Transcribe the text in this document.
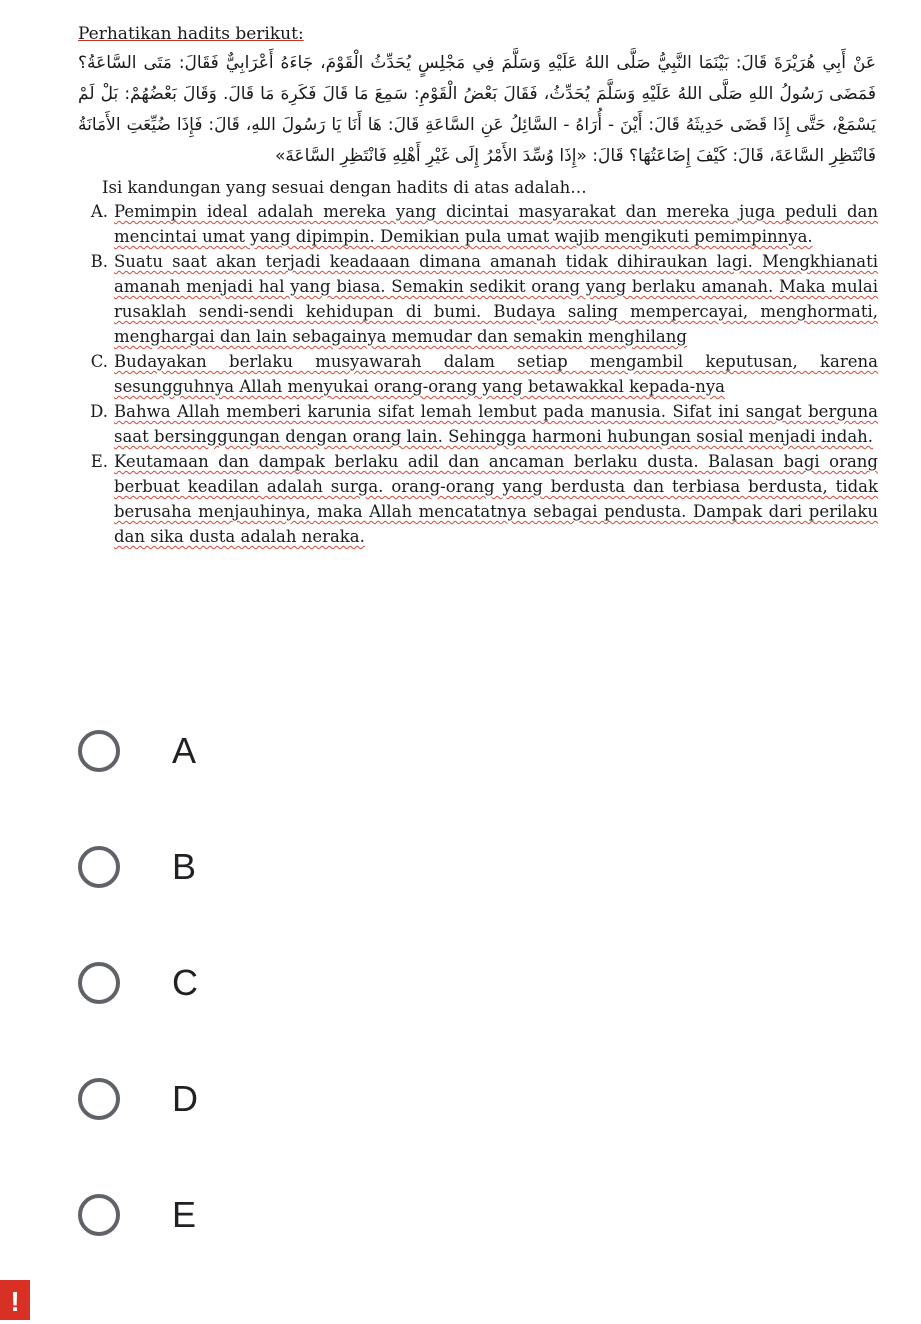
Perhatikan hadits berikut:

عَنْ أَبِي هُرَيْرَةَ قَالَ: بَيْنَمَا النَّبِيُّ صَلَّى اللهُ عَلَيْهِ وَسَلَّمَ فِي مَجْلِسٍ يُحَدِّثُ الْقَوْمَ، جَاءَهُ أَعْرَابِيٌّ فَقَالَ: مَتَى السَّاعَةُ؟ فَمَضَى رَسُولُ اللهِ صَلَّى اللهُ عَلَيْهِ وَسَلَّمَ يُحَدِّثُ، فَقَالَ بَعْضُ الْقَوْمِ: سَمِعَ مَا قَالَ فَكَرِهَ مَا قَالَ. وَقَالَ بَعْضُهُمْ: بَلْ لَمْ يَسْمَعْ، حَتَّى إِذَا قَضَى حَدِيثَهُ قَالَ: أَيْنَ - أُرَاهُ - السَّائِلُ عَنِ السَّاعَةِ قَالَ: هَا أَنَا يَا رَسُولَ اللهِ، قَالَ: فَإِذَا ضُيِّعَتِ الأَمَانَةُ فَانْتَظِرِ السَّاعَةَ، قَالَ: كَيْفَ إِضَاعَتُهَا؟ قَالَ: «إِذَا وُسِّدَ الأَمْرُ إِلَى غَيْرِ أَهْلِهِ فَانْتَظِرِ السَّاعَةَ»

Isi kandungan yang sesuai dengan hadits di atas adalah…

A. Pemimpin ideal adalah mereka yang dicintai masyarakat dan mereka juga peduli dan mencintai umat yang dipimpin. Demikian pula umat wajib mengikuti pemimpinnya.
B. Suatu saat akan terjadi keadaaan dimana amanah tidak dihiraukan lagi. Mengkhianati amanah menjadi hal yang biasa. Semakin sedikit orang yang berlaku amanah. Maka mulai rusaklah sendi-sendi kehidupan di bumi. Budaya saling mempercayai, menghormati, menghargai dan lain sebagainya memudar dan semakin menghilang
C. Budayakan berlaku musyawarah dalam setiap mengambil keputusan, karena sesungguhnya Allah menyukai orang-orang yang betawakkal kepada-nya
D. Bahwa Allah memberi karunia sifat lemah lembut pada manusia. Sifat ini sangat berguna saat bersinggungan dengan orang lain. Sehingga harmoni hubungan sosial menjadi indah.
E. Keutamaan dan dampak berlaku adil dan ancaman berlaku dusta. Balasan bagi orang berbuat keadilan adalah surga. orang-orang yang berdusta dan terbiasa berdusta, tidak berusaha menjauhinya, maka Allah mencatatnya sebagai pendusta. Dampak dari perilaku dan sika dusta adalah neraka.
A
B
C
D
E
!
